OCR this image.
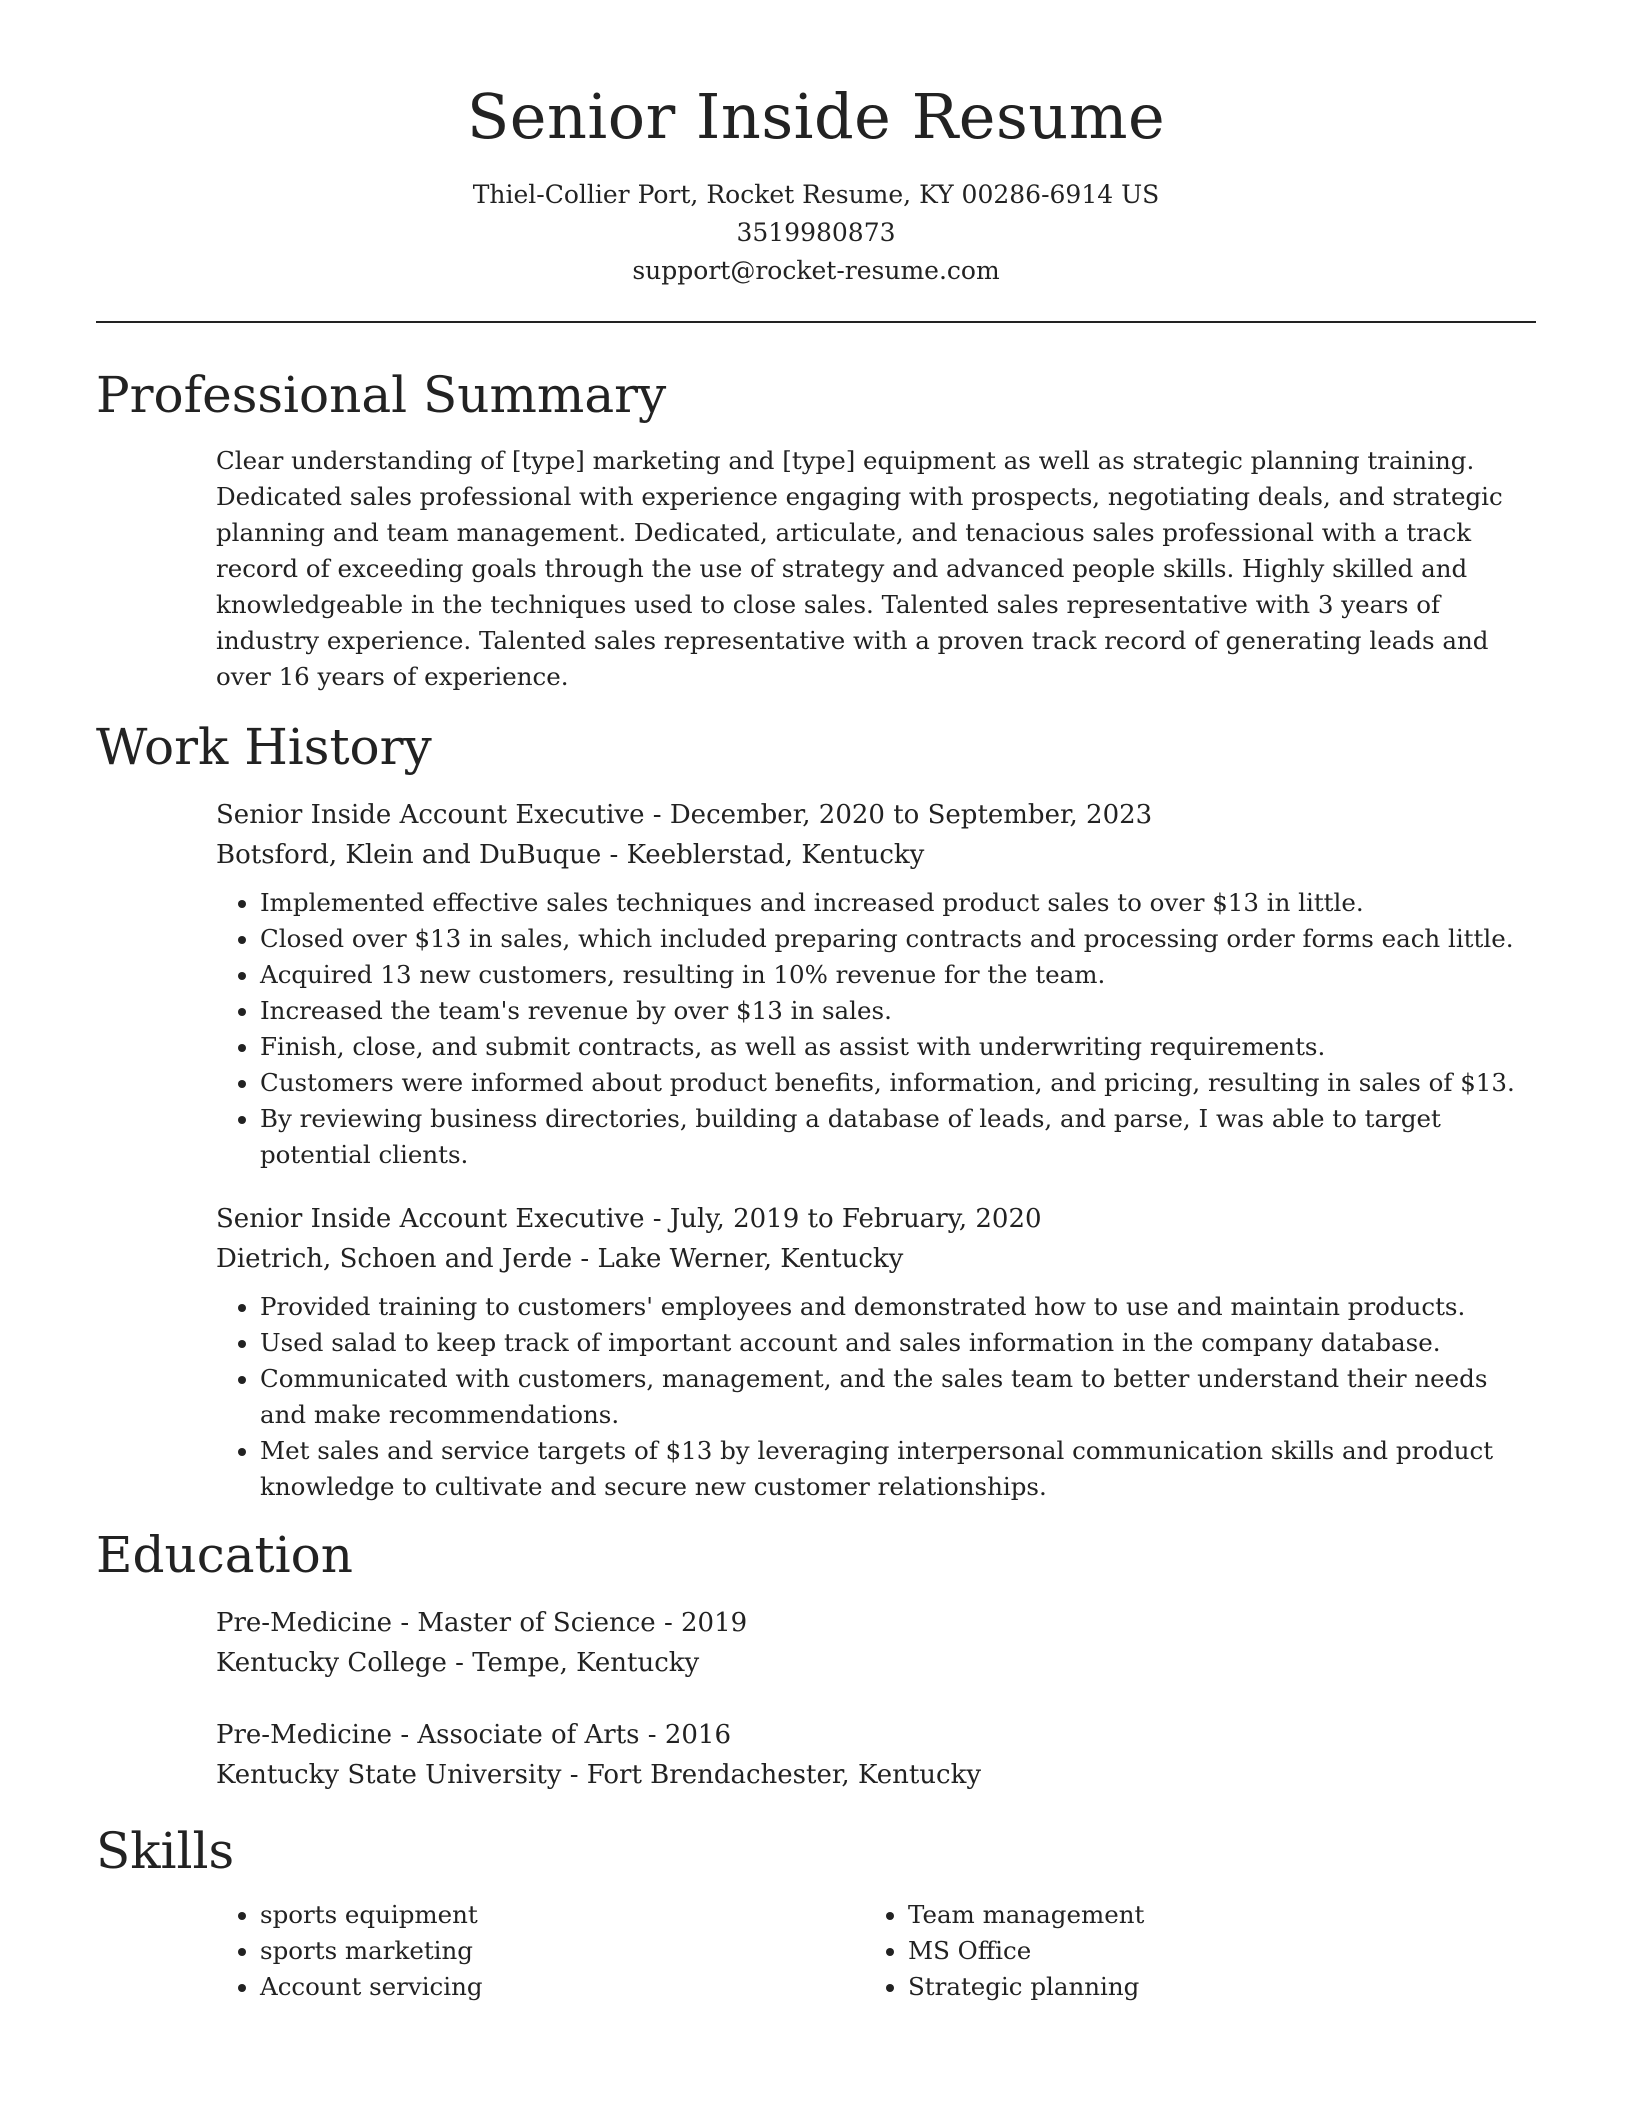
Senior Inside Resume
Thiel-Collier Port, Rocket Resume, KY 00286-6914 US
3519980873
support@rocket-resume.com
Professional Summary
Clear understanding of [type] marketing and [type] equipment as well as strategic planning training. Dedicated sales professional with experience engaging with prospects, negotiating deals, and strategic planning and team management. Dedicated, articulate, and tenacious sales professional with a track record of exceeding goals through the use of strategy and advanced people skills. Highly skilled and knowledgeable in the techniques used to close sales. Talented sales representative with 3 years of industry experience. Talented sales representative with a proven track record of generating leads and over 16 years of experience.
Work History
Senior Inside Account Executive - December, 2020 to September, 2023
Botsford, Klein and DuBuque - Keeblerstad, Kentucky
• Implemented effective sales techniques and increased product sales to over $13 in little.
• Closed over $13 in sales, which included preparing contracts and processing order forms each little.
• Acquired 13 new customers, resulting in 10% revenue for the team.
• Increased the team's revenue by over $13 in sales.
• Finish, close, and submit contracts, as well as assist with underwriting requirements.
• Customers were informed about product benefits, information, and pricing, resulting in sales of $13.
• By reviewing business directories, building a database of leads, and parse, I was able to target potential clients.
Senior Inside Account Executive - July, 2019 to February, 2020
Dietrich, Schoen and Jerde - Lake Werner, Kentucky
• Provided training to customers' employees and demonstrated how to use and maintain products.
• Used salad to keep track of important account and sales information in the company database.
• Communicated with customers, management, and the sales team to better understand their needs and make recommendations.
• Met sales and service targets of $13 by leveraging interpersonal communication skills and product knowledge to cultivate and secure new customer relationships.
Education
Pre-Medicine - Master of Science - 2019
Kentucky College - Tempe, Kentucky
Pre-Medicine - Associate of Arts - 2016
Kentucky State University - Fort Brendachester, Kentucky
Skills
• sports equipment
• sports marketing
• Account servicing
• Team management
• MS Office
• Strategic planning
